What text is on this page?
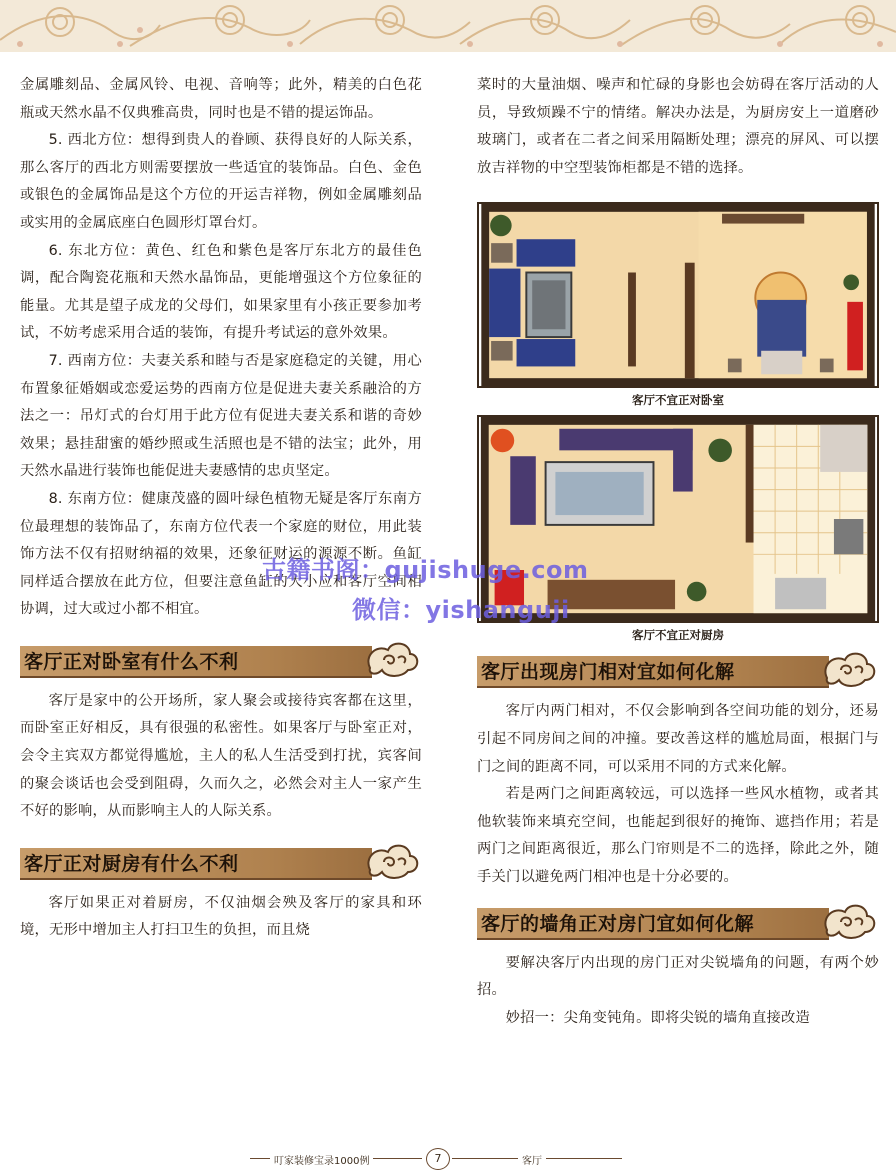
金属雕刻品、金属风铃、电视、音响等；此外，精美的白色花瓶或天然水晶不仅典雅高贵，同时也是不错的提运饰品。

5. 西北方位：想得到贵人的眷顾、获得良好的人际关系，那么客厅的西北方则需要摆放一些适宜的装饰品。白色、金色或银色的金属饰品是这个方位的开运吉祥物，例如金属雕刻品或实用的金属底座白色圆形灯罩台灯。

6. 东北方位：黄色、红色和紫色是客厅东北方的最佳色调，配合陶瓷花瓶和天然水晶饰品，更能增强这个方位象征的能量。尤其是望子成龙的父母们，如果家里有小孩正要参加考试，不妨考虑采用合适的装饰，有提升考试运的意外效果。

7. 西南方位：夫妻关系和睦与否是家庭稳定的关键，用心布置象征婚姻或恋爱运势的西南方位是促进夫妻关系融洽的方法之一：吊灯式的台灯用于此方位有促进夫妻关系和谐的奇妙效果；悬挂甜蜜的婚纱照或生活照也是不错的法宝；此外，用天然水晶进行装饰也能促进夫妻感情的忠贞坚定。

8. 东南方位：健康茂盛的圆叶绿色植物无疑是客厅东南方位最理想的装饰品了，东南方位代表一个家庭的财位，用此装饰方法不仅有招财纳福的效果，还象征财运的源源不断。鱼缸同样适合摆放在此方位，但要注意鱼缸的大小应和客厅空间相协调，过大或过小都不相宜。

客厅正对卧室有什么不利

客厅是家中的公开场所，家人聚会或接待宾客都在这里，而卧室正好相反，具有很强的私密性。如果客厅与卧室正对，会令主宾双方都觉得尴尬，主人的私人生活受到打扰，宾客间的聚会谈话也会受到阻碍，久而久之，必然会对主人一家产生不好的影响，从而影响主人的人际关系。

客厅正对厨房有什么不利

客厅如果正对着厨房，不仅油烟会殃及客厅的家具和环境，无形中增加主人打扫卫生的负担，而且烧

菜时的大量油烟、噪声和忙碌的身影也会妨碍在客厅活动的人员，导致烦躁不宁的情绪。解决办法是，为厨房安上一道磨砂玻璃门，或者在二者之间采用隔断处理；漂亮的屏风、可以摆放吉祥物的中空型装饰柜都是不错的选择。

客厅不宜正对卧室
客厅不宜正对厨房
客厅出现房门相对宜如何化解

客厅内两门相对，不仅会影响到各空间功能的划分，还易引起不同房间之间的冲撞。要改善这样的尴尬局面，根据门与门之间的距离不同，可以采用不同的方式来化解。

若是两门之间距离较远，可以选择一些风水植物，或者其他软装饰来填充空间，也能起到很好的掩饰、遮挡作用；若是两门之间距离很近，那么门帘则是不二的选择，除此之外，随手关门以避免两门相冲也是十分必要的。

客厅的墙角正对房门宜如何化解

要解决客厅内出现的房门正对尖锐墙角的问题，有两个妙招。

妙招一：尖角变钝角。即将尖锐的墙角直接改造

古籍书阁：gujishuge.com
微信：yishanguji
叮家装修宝录1000例	7	客厅
